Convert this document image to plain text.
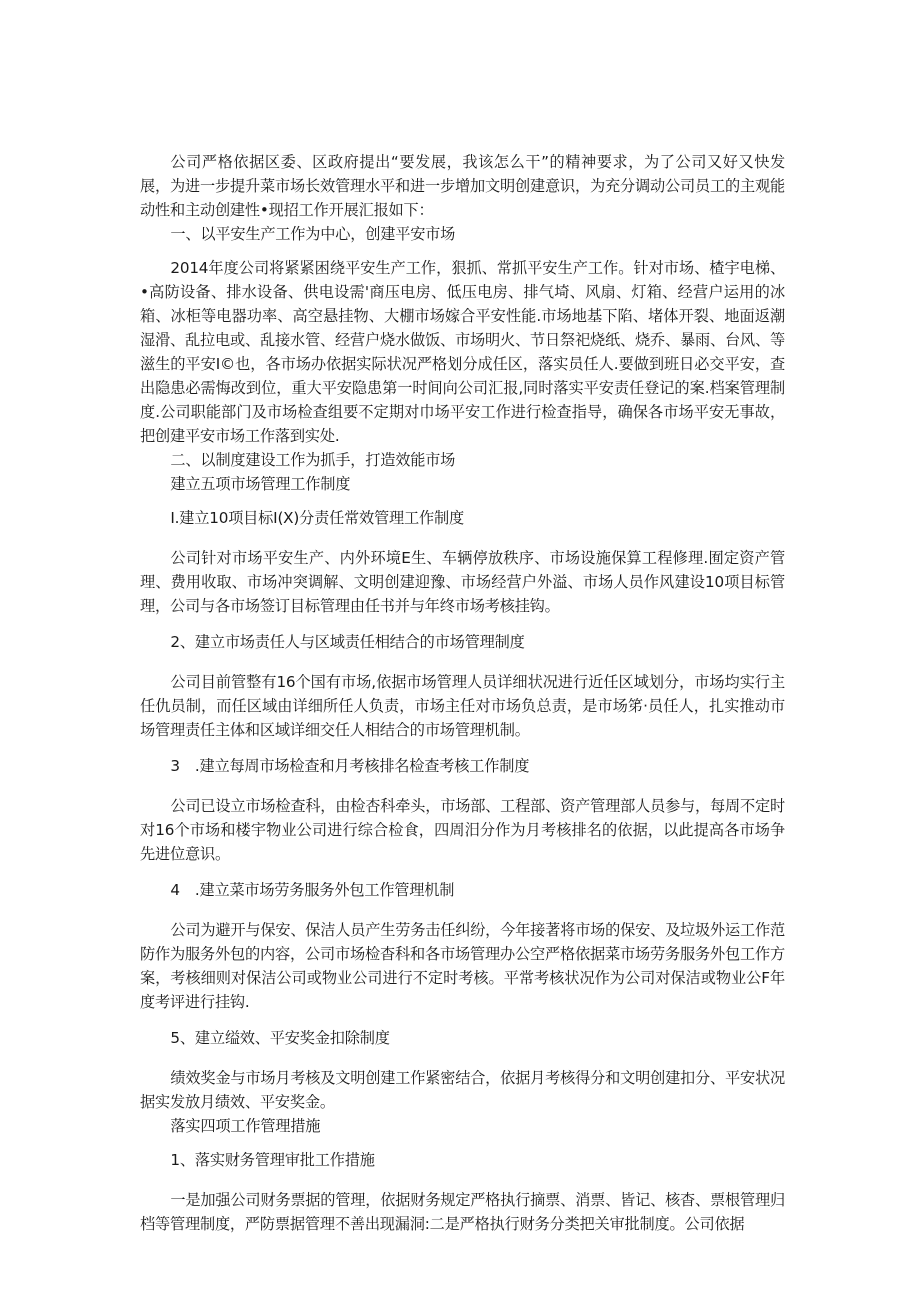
公司严格依据区委、区政府提出“要发展，我该怎么干”的精神要求，为了公司又好又快发展，为进一步提升菜市场长效管理水平和进一步增加文明创建意识，为充分调动公司员工的主观能动性和主动创建性•现招工作开展汇报如下：

一、以平安生产工作为中心，创建平安市场

2014年度公司将紧紧困绕平安生产工作，狠抓、常抓平安生产工作。针对市场、楂宇电梯、•高防设备、排水设备、供电设需'商压电房、低压电房、排气埼、风扇、灯箱、经营户运用的冰箱、冰柜等电器功率、高空悬挂物、大棚市场嫁合平安性能.市场地基下陷、堵体开裂、地面返潮湿滑、乱拉电或、乱接水管、经营户烧水做饭、市场明火、节日祭祀烧纸、烧乔、暴雨、台风、等滋生的平安I©也，各市场办依据实际状况严格划分成任区，落实员任人.要做到班日必交平安，查出隐患必需悔改到位，重大平安隐患第一时间向公司汇报,同时落实平安责任登记的案.档案管理制度.公司职能部门及市场检查组要不定期对巾场平安工作进行检查指导，确保各市场平安无事故，把创建平安市场工作落到实处.

二、以制度建设工作为抓手，打造效能市场

建立五项市场管理工作制度

I.建立10项目标I(X)分责任常效管理工作制度

公司针对市场平安生产、内外环境E生、车辆停放秩序、市场设施保算工程修理.囿定资产管理、费用收取、市场冲突调解、文明创建迎豫、市场经营户外溢、市场人员作风建设10项目标管理，公司与各市场签订目标管理由任书并与年终市场考核挂钩。

2、建立市场责任人与区域责任相结合的市场管理制度

公司目前管整有16个国有市场,依据市场管理人员详细状况进行近任区域划分，市场均实行主任仇员制，而任区域由详细所任人负责，市场主任对市场负总责，是市场笫·员任人，扎实推动市场管理责任主体和区域详细交任人相结合的市场管理机制。

3　.建立每周市场检查和月考核排名检查考核工作制度

公司已设立市场检查科，由检杏科牵头，市场部、工程部、资产管理部人员参与，每周不定时对16个市场和楼宇物业公司进行综合检食，四周汨分作为月考核排名的依据，以此提高各市场争先进位意识。

4　.建立菜市场劳务服务外包工作管理机制

公司为避开与保安、保洁人员产生劳务击任纠纷，今年接著将市场的保安、及垃圾外运工作范防作为服务外包的内容，公司市场检杳科和各市场管理办公空严格依据菜市场劳务服务外包工作方案，考核细则对保洁公司或物业公司进行不定时考核。平常考核状况作为公司对保洁或物业公F年度考评进行挂钩.

5、建立缢效、平安奖金扣除制度

绩效奖金与市场月考核及文明创建工作紧密结合，依据月考核得分和文明创建扣分、平安状况据实发放月绩效、平安奖金。

落实四项工作管理措施

1、落实财务管理审批工作措施

一是加强公司财务票据的管理，依据财务规定严格执行摘票、消票、皆记、核杳、票根管理归档等管理制度，严防票据管理不善出现漏洞:二是严格执行财务分类把关审批制度。公司依据
